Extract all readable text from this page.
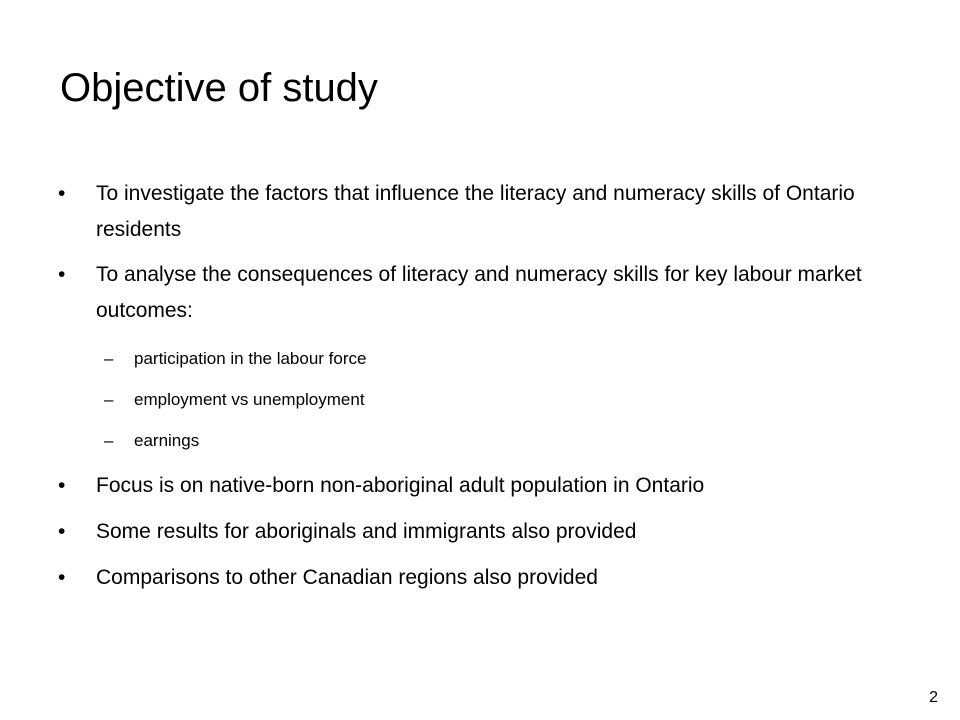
Objective of study
•	To investigate the factors that influence the literacy and numeracy skills of Ontario residents
•	To analyse the consequences of literacy and numeracy skills for key labour market outcomes:
– participation in the labour force
– employment vs unemployment
– earnings
•	Focus is on native-born non-aboriginal adult population in Ontario
•	Some results for aboriginals and immigrants also provided
•	Comparisons to other Canadian regions also provided
2
